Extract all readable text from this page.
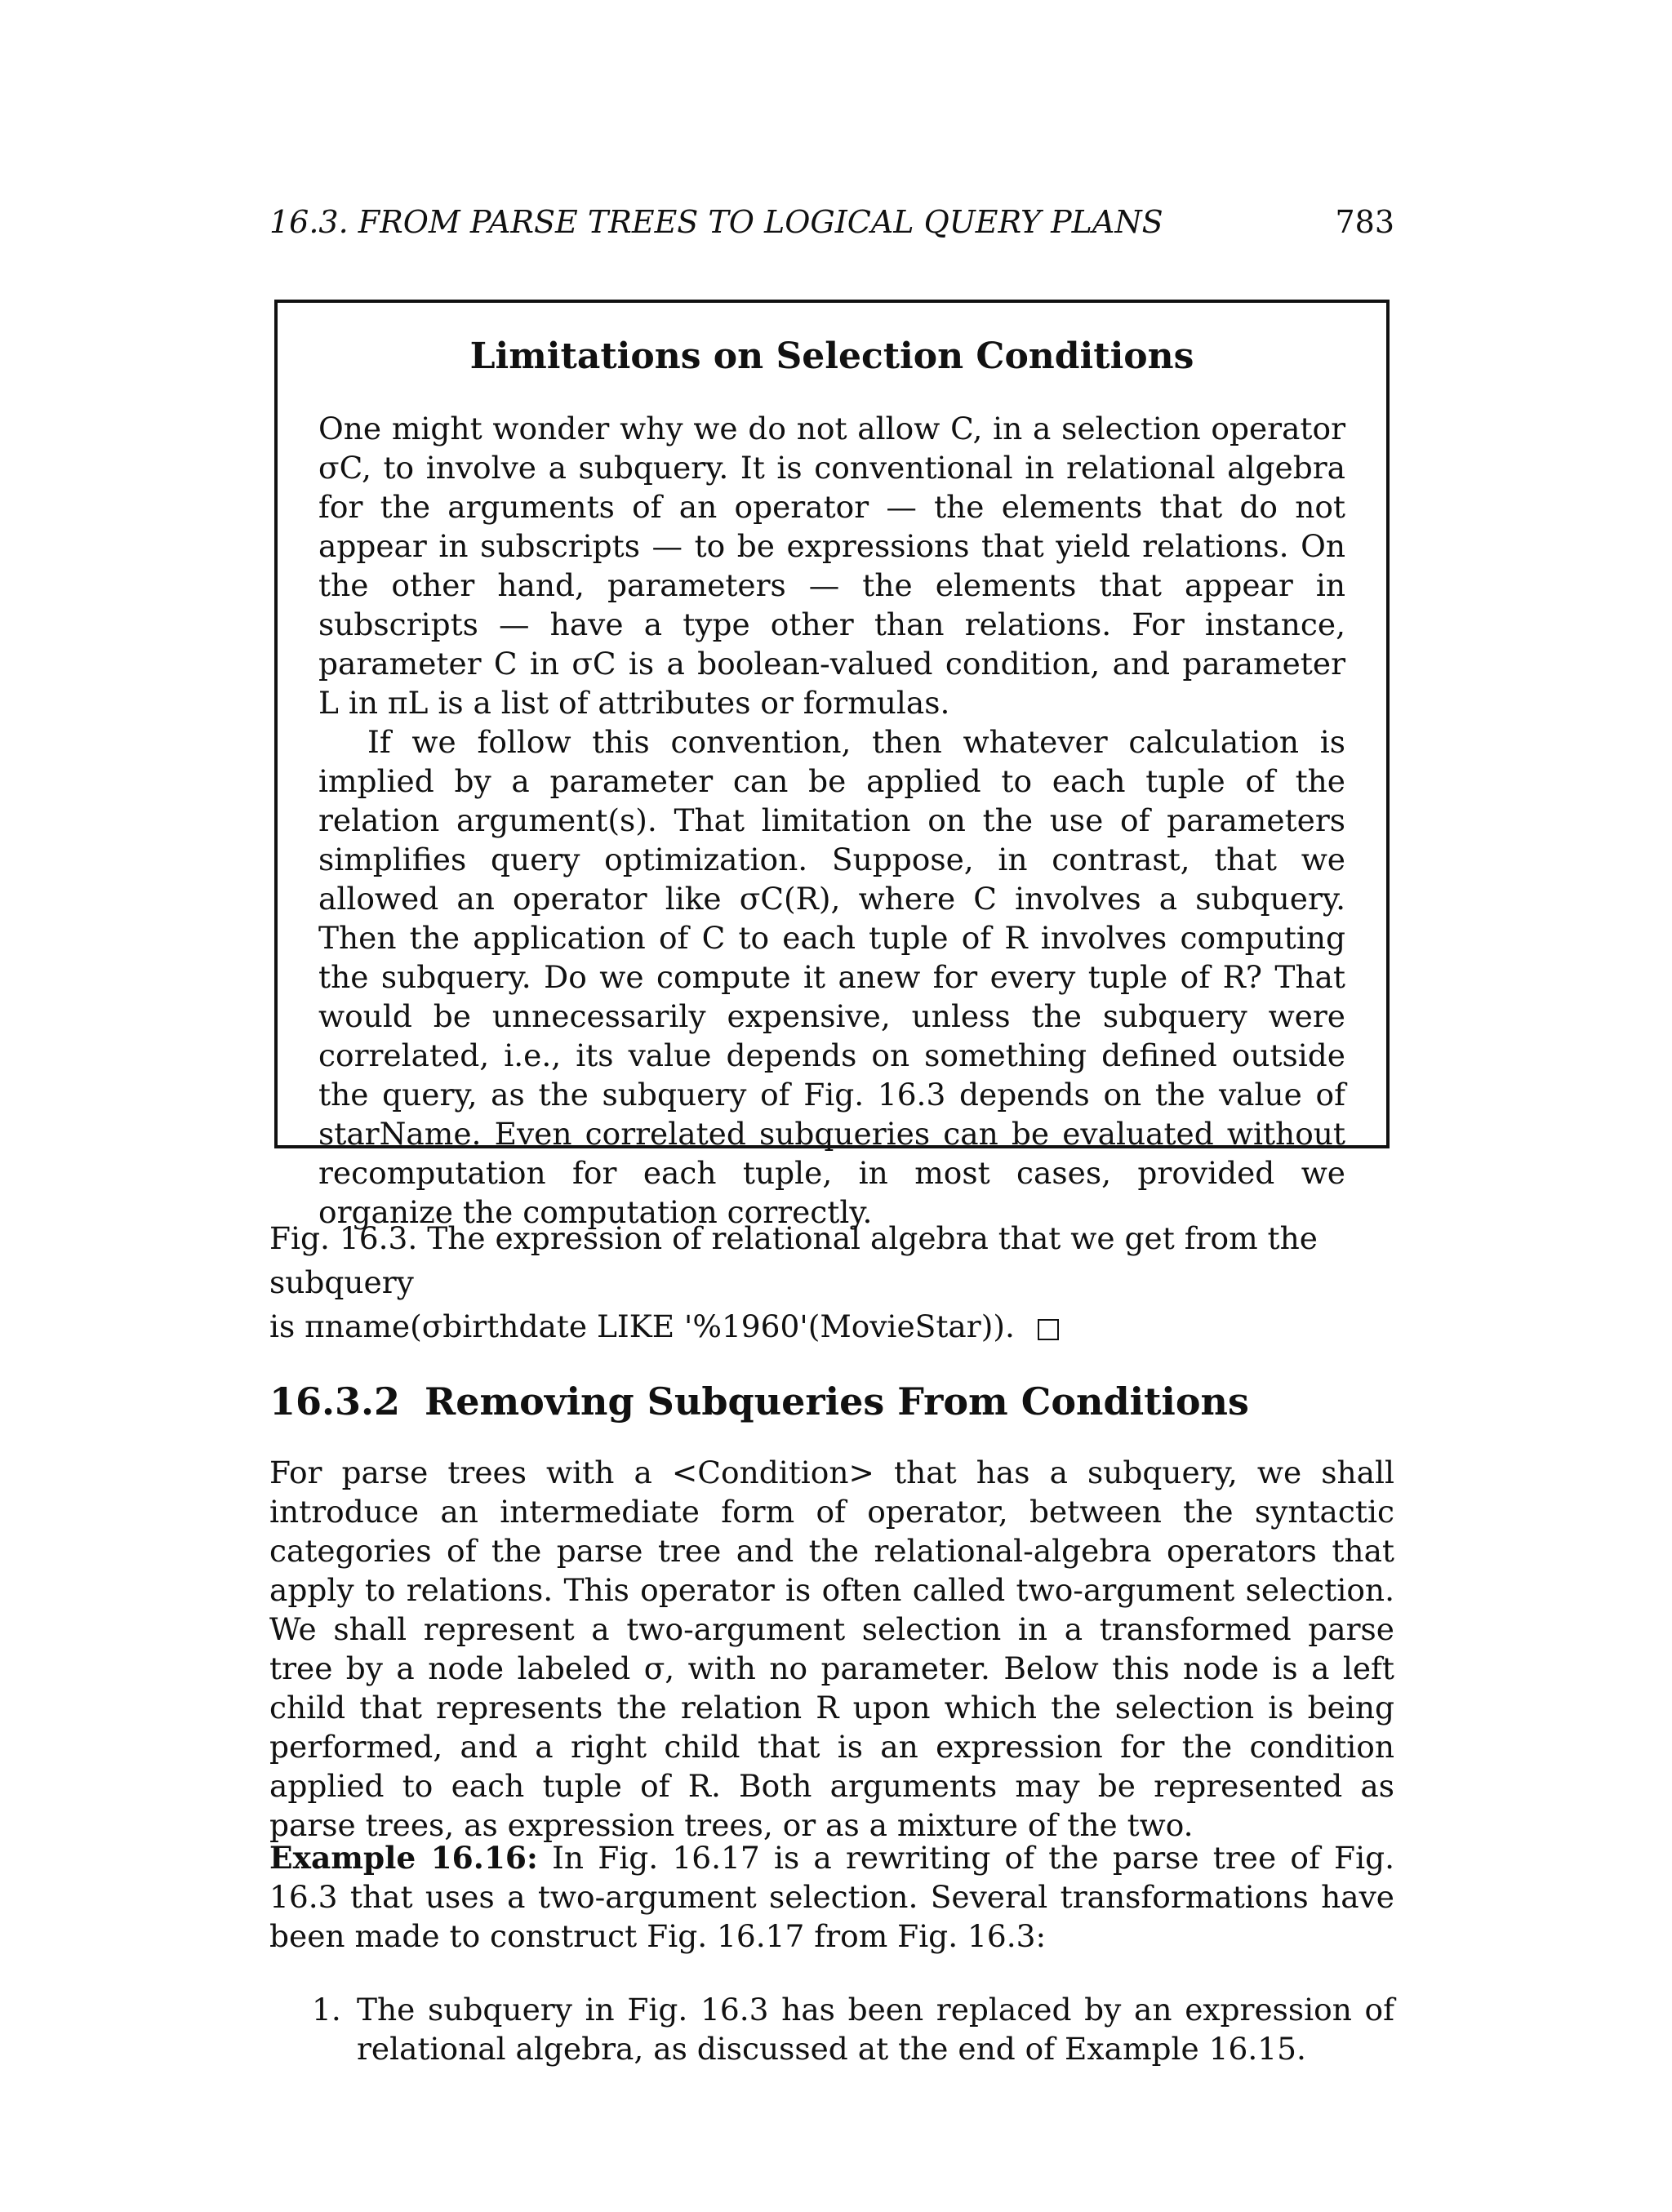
16.3. FROM PARSE TREES TO LOGICAL QUERY PLANS	783
Limitations on Selection Conditions

One might wonder why we do not allow C, in a selection operator σC, to involve a subquery. It is conventional in relational algebra for the arguments of an operator — the elements that do not appear in subscripts — to be expressions that yield relations. On the other hand, parameters — the elements that appear in subscripts — have a type other than relations. For instance, parameter C in σC is a boolean-valued condition, and parameter L in πL is a list of attributes or formulas.

If we follow this convention, then whatever calculation is implied by a parameter can be applied to each tuple of the relation argument(s). That limitation on the use of parameters simplifies query optimization. Suppose, in contrast, that we allowed an operator like σC(R), where C involves a subquery. Then the application of C to each tuple of R involves computing the subquery. Do we compute it anew for every tuple of R? That would be unnecessarily expensive, unless the subquery were correlated, i.e., its value depends on something defined outside the query, as the subquery of Fig. 16.3 depends on the value of starName. Even correlated subqueries can be evaluated without recomputation for each tuple, in most cases, provided we organize the computation correctly.

Fig. 16.3. The expression of relational algebra that we get from the subquery
is πname(σbirthdate LIKE '%1960'(MovieStar)).
16.3.2 Removing Subqueries From Conditions

For parse trees with a <Condition> that has a subquery, we shall introduce an intermediate form of operator, between the syntactic categories of the parse tree and the relational-algebra operators that apply to relations. This operator is often called two-argument selection. We shall represent a two-argument selection in a transformed parse tree by a node labeled σ, with no parameter. Below this node is a left child that represents the relation R upon which the selection is being performed, and a right child that is an expression for the condition applied to each tuple of R. Both arguments may be represented as parse trees, as expression trees, or as a mixture of the two.

Example 16.16: In Fig. 16.17 is a rewriting of the parse tree of Fig. 16.3 that uses a two-argument selection. Several transformations have been made to construct Fig. 16.17 from Fig. 16.3:

1. The subquery in Fig. 16.3 has been replaced by an expression of relational algebra, as discussed at the end of Example 16.15.
